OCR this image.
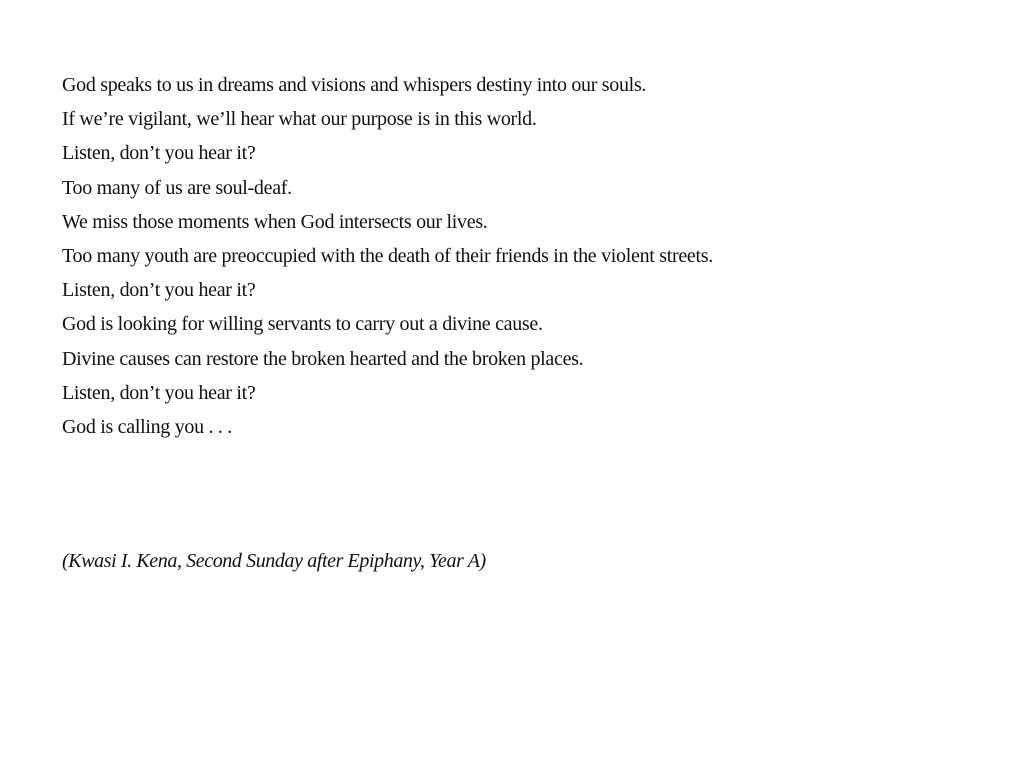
God speaks to us in dreams and visions and whispers destiny into our souls.
If we’re vigilant, we’ll hear what our purpose is in this world.
Listen, don’t you hear it?
Too many of us are soul-deaf.
We miss those moments when God intersects our lives.
Too many youth are preoccupied with the death of their friends in the violent streets.
Listen, don’t you hear it?
God is looking for willing servants to carry out a divine cause.
Divine causes can restore the broken hearted and the broken places.
Listen, don’t you hear it?
God is calling you . . .

(Kwasi I. Kena, Second Sunday after Epiphany, Year A)
